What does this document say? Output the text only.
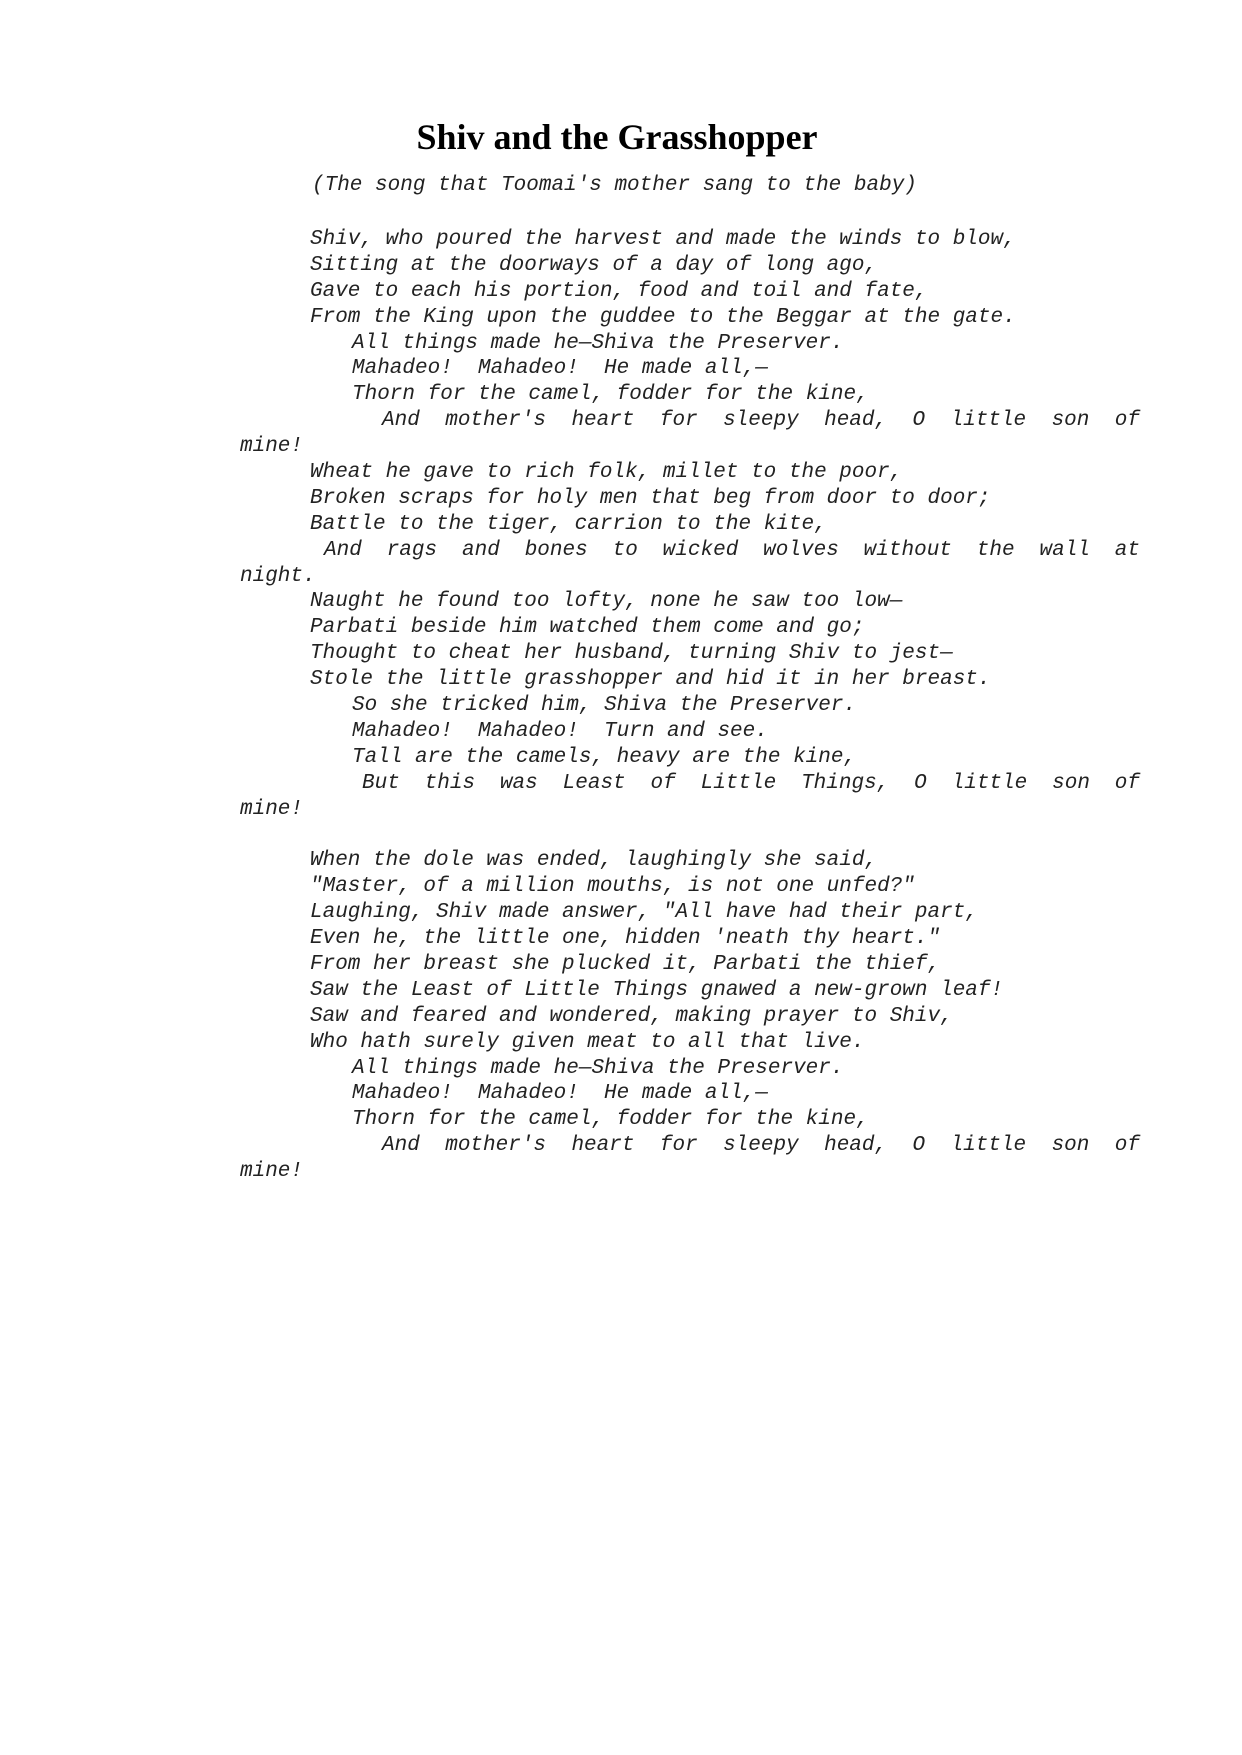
Shiv and the Grasshopper
(The song that Toomai's mother sang to the baby)
Shiv, who poured the harvest and made the winds to blow,
Sitting at the doorways of a day of long ago,
Gave to each his portion, food and toil and fate,
From the King upon the guddee to the Beggar at the gate.
All things made he—Shiva the Preserver.
Mahadeo!  Mahadeo!  He made all,—
Thorn for the camel, fodder for the kine,
And mother's heart for sleepy head, O little son of
mine!
Wheat he gave to rich folk, millet to the poor,
Broken scraps for holy men that beg from door to door;
Battle to the tiger, carrion to the kite,
And rags and bones to wicked wolves without the wall at
night.
Naught he found too lofty, none he saw too low—
Parbati beside him watched them come and go;
Thought to cheat her husband, turning Shiv to jest—
Stole the little grasshopper and hid it in her breast.
So she tricked him, Shiva the Preserver.
Mahadeo!  Mahadeo!  Turn and see.
Tall are the camels, heavy are the kine,
But this was Least of Little Things, O little son of
mine!
When the dole was ended, laughingly she said,
"Master, of a million mouths, is not one unfed?"
Laughing, Shiv made answer, "All have had their part,
Even he, the little one, hidden 'neath thy heart."
From her breast she plucked it, Parbati the thief,
Saw the Least of Little Things gnawed a new-grown leaf!
Saw and feared and wondered, making prayer to Shiv,
Who hath surely given meat to all that live.
All things made he—Shiva the Preserver.
Mahadeo!  Mahadeo!  He made all,—
Thorn for the camel, fodder for the kine,
And mother's heart for sleepy head, O little son of
mine!
